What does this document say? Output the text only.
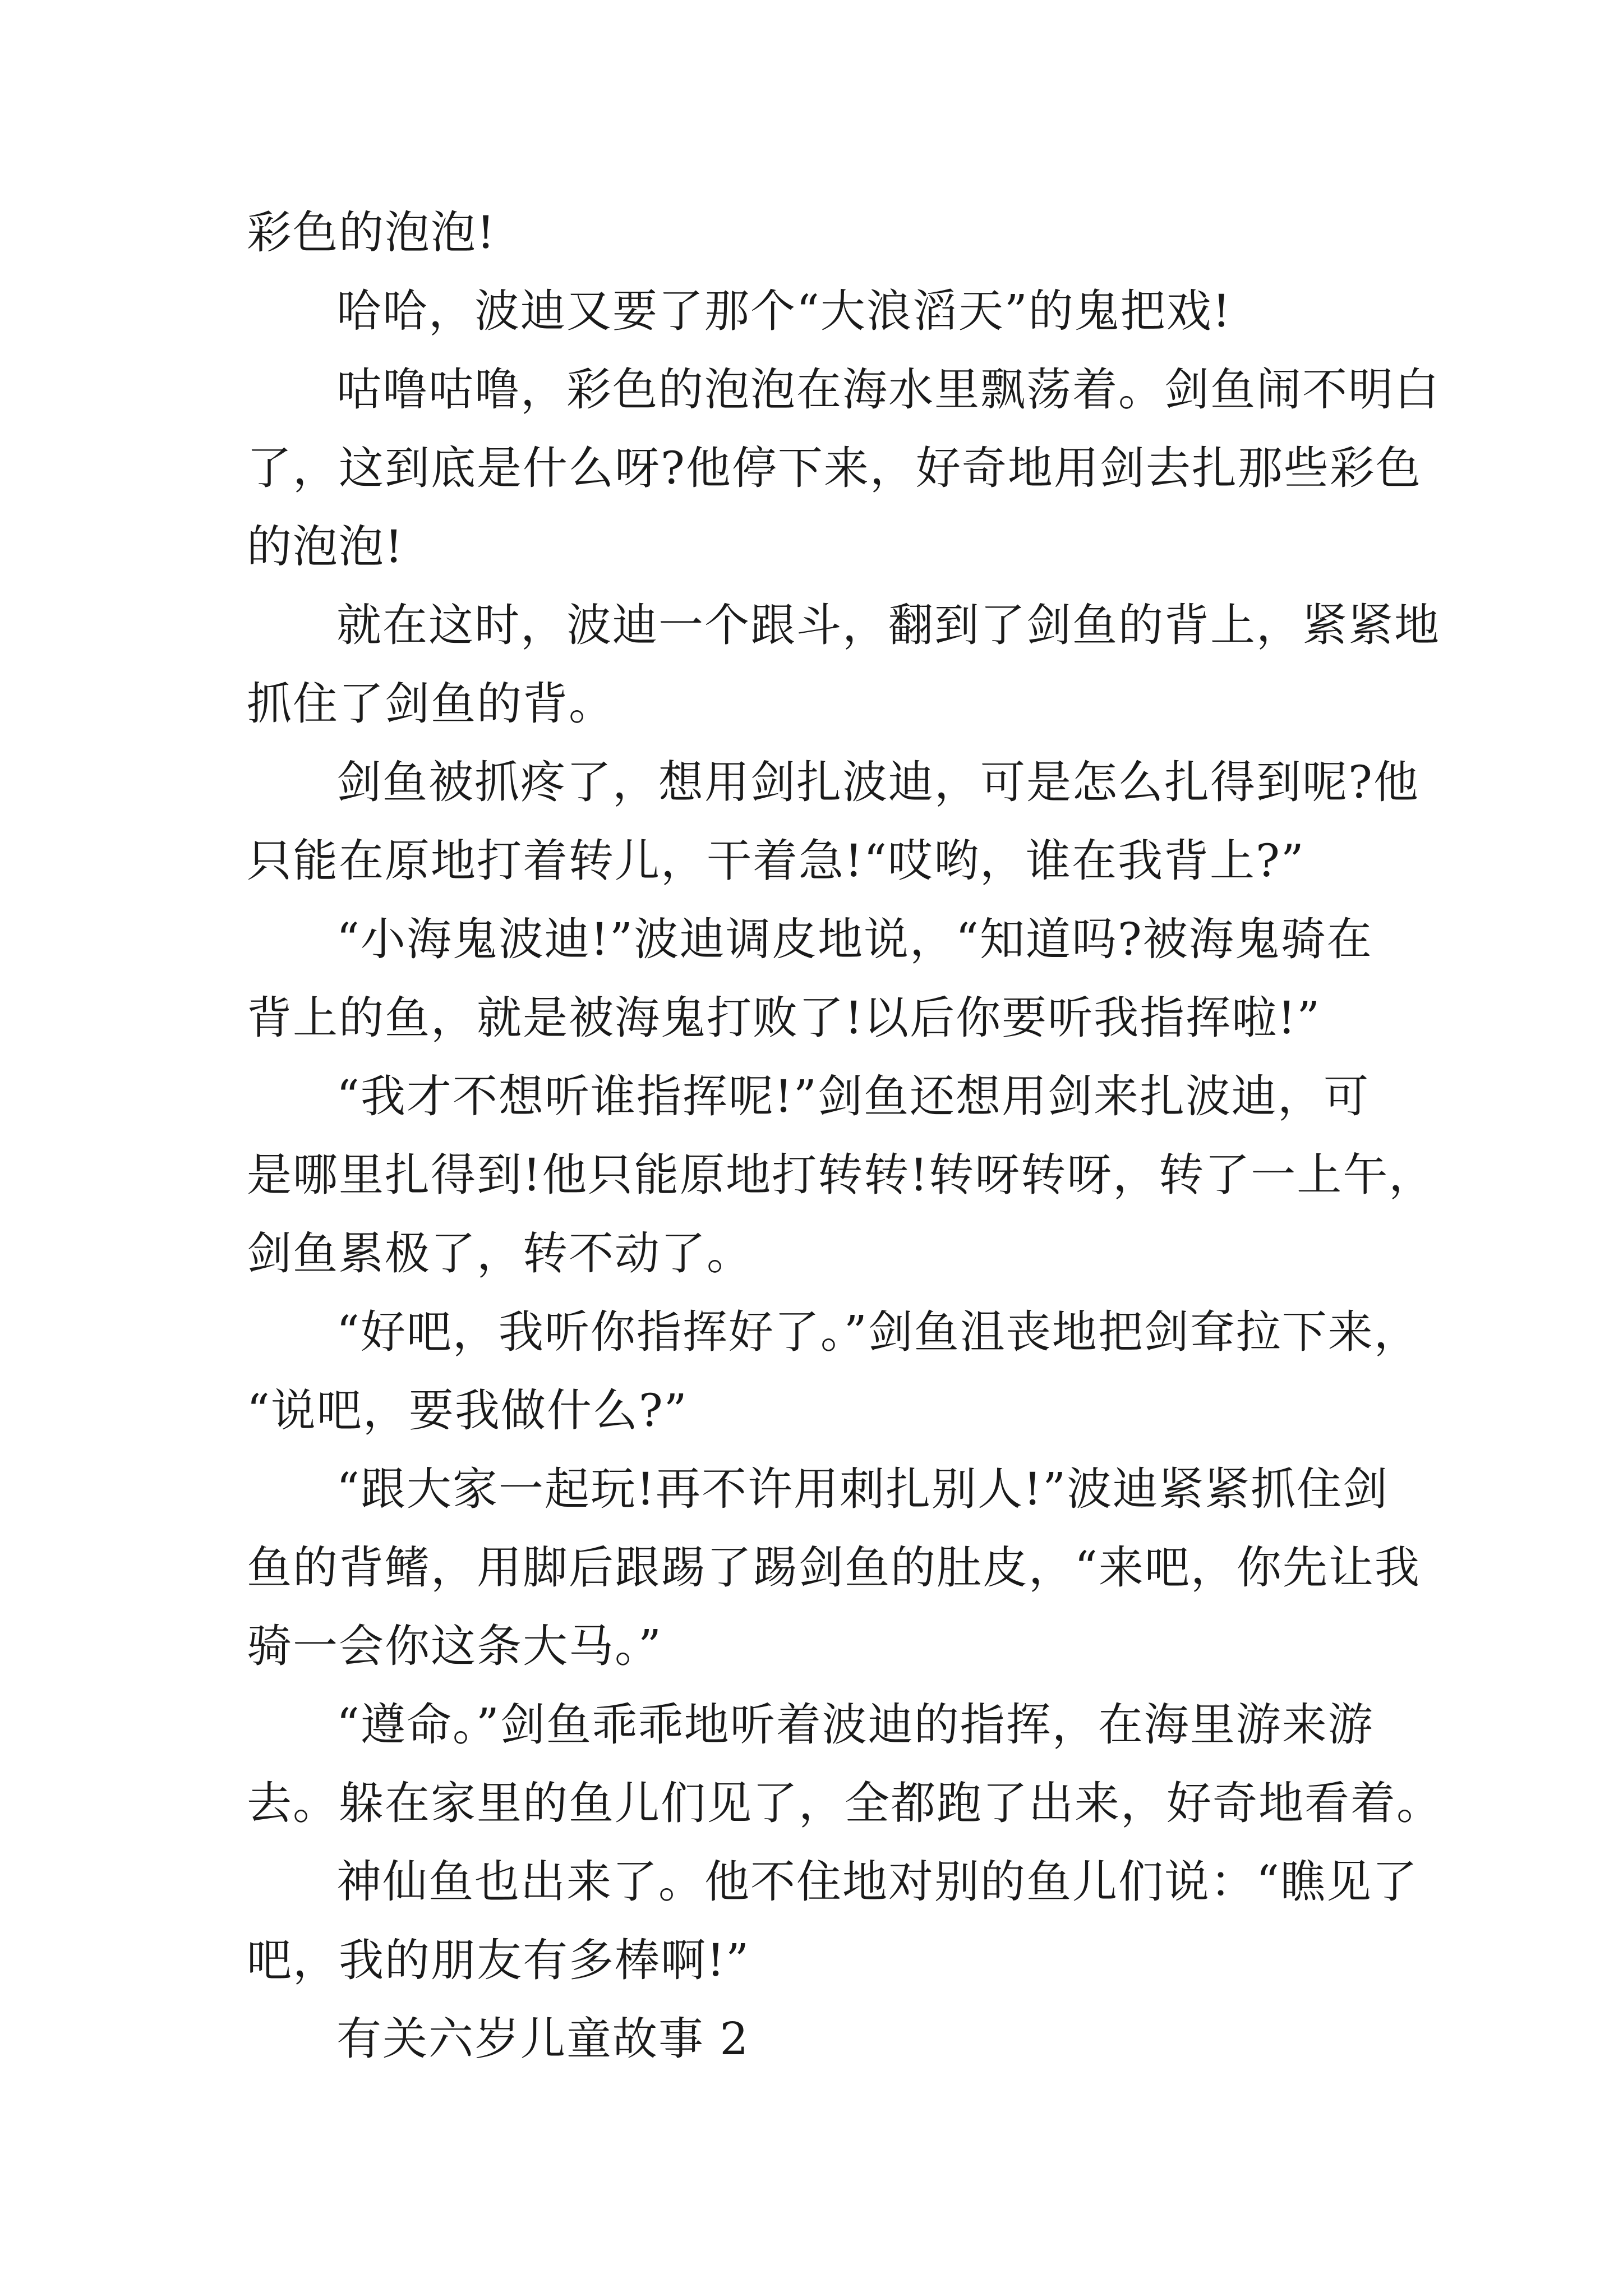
彩色的泡泡!
哈哈，波迪又要了那个“大浪滔天”的鬼把戏!
咕噜咕噜，彩色的泡泡在海水里飘荡着。剑鱼闹不明白
了，这到底是什么呀?他停下来，好奇地用剑去扎那些彩色
的泡泡!
就在这时，波迪一个跟斗，翻到了剑鱼的背上，紧紧地
抓住了剑鱼的背。
剑鱼被抓疼了，想用剑扎波迪，可是怎么扎得到呢?他
只能在原地打着转儿，干着急!“哎哟，谁在我背上?”
“小海鬼波迪!”波迪调皮地说，“知道吗?被海鬼骑在
背上的鱼，就是被海鬼打败了!以后你要听我指挥啦!”
“我才不想听谁指挥呢!”剑鱼还想用剑来扎波迪，可
是哪里扎得到!他只能原地打转转!转呀转呀，转了一上午，
剑鱼累极了，转不动了。
“好吧，我听你指挥好了。”剑鱼沮丧地把剑耷拉下来，
“说吧，要我做什么?”
“跟大家一起玩!再不许用刺扎别人!”波迪紧紧抓住剑
鱼的背鳍，用脚后跟踢了踢剑鱼的肚皮，“来吧，你先让我
骑一会你这条大马。”
“遵命。”剑鱼乖乖地听着波迪的指挥，在海里游来游
去。躲在家里的鱼儿们见了，全都跑了出来，好奇地看着。
神仙鱼也出来了。他不住地对别的鱼儿们说：“瞧见了
吧，我的朋友有多棒啊!”
有关六岁儿童故事 2
